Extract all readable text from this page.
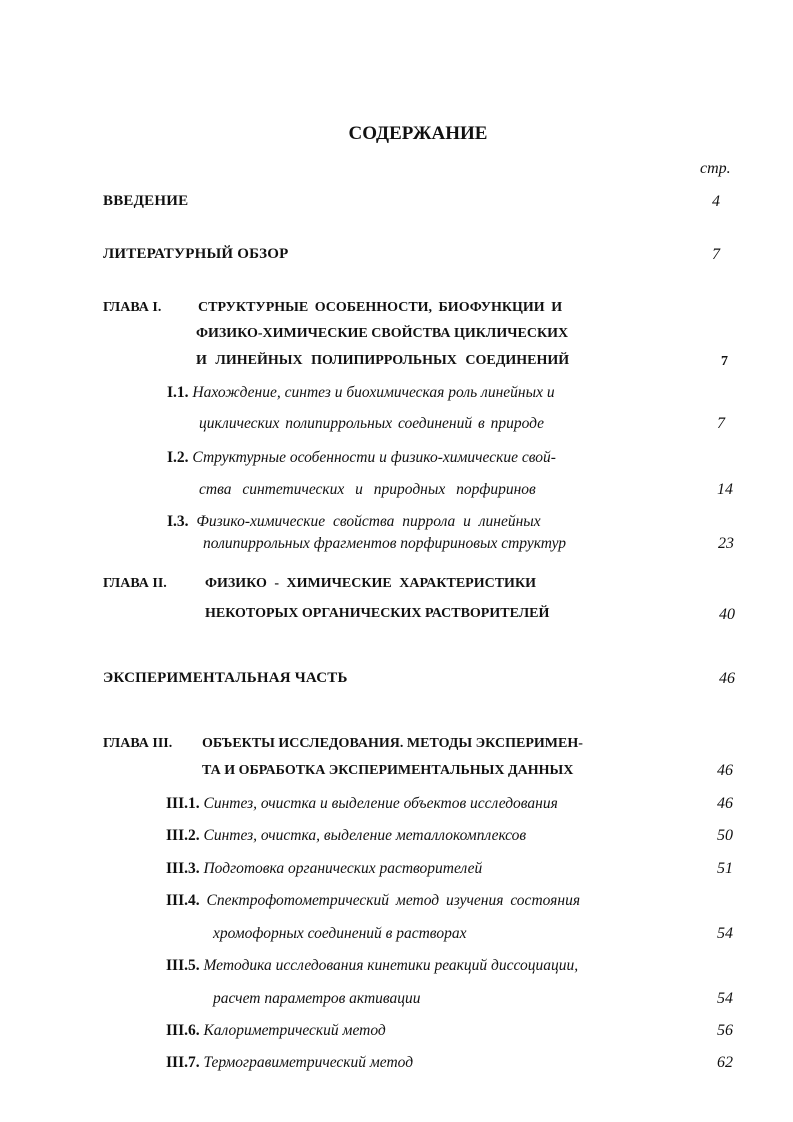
СОДЕРЖАНИЕ
стр.
ВВЕДЕНИЕ	4
ЛИТЕРАТУРНЫЙ ОБЗОР	7
ГЛАВА I.	СТРУКТУРНЫЕ ОСОБЕННОСТИ, БИОФУНКЦИИ И
ФИЗИКО-ХИМИЧЕСКИЕ СВОЙСТВА ЦИКЛИЧЕСКИХ
И ЛИНЕЙНЫХ ПОЛИПИРРОЛЬНЫХ СОЕДИНЕНИЙ	7
I.1. Нахождение, синтез и биохимическая роль линейных и
циклических полипиррольных соединений в природе	7
I.2. Структурные особенности и физико-химические свой-
ства синтетических и природных порфиринов	14
I.3. Физико-химические свойства пиррола и линейных
полипиррольных фрагментов порфириновых структур	23
ГЛАВА II.	ФИЗИКО - ХИМИЧЕСКИЕ ХАРАКТЕРИСТИКИ
НЕКОТОРЫХ ОРГАНИЧЕСКИХ РАСТВОРИТЕЛЕЙ	40
ЭКСПЕРИМЕНТАЛЬНАЯ ЧАСТЬ	46
ГЛАВА III. ОБЪЕКТЫ ИССЛЕДОВАНИЯ. МЕТОДЫ ЭКСПЕРИМЕН-
ТА И ОБРАБОТКА ЭКСПЕРИМЕНТАЛЬНЫХ ДАННЫХ	46
III.1. Синтез, очистка и выделение объектов исследования	46
III.2. Синтез, очистка, выделение металлокомплексов	50
III.3. Подготовка органических растворителей	51
III.4. Спектрофотометрический метод изучения состояния
хромофорных соединений в растворах	54
III.5. Методика исследования кинетики реакций диссоциации,
расчет параметров активации	54
III.6. Калориметрический метод	56
III.7. Термогравиметрический метод	62
